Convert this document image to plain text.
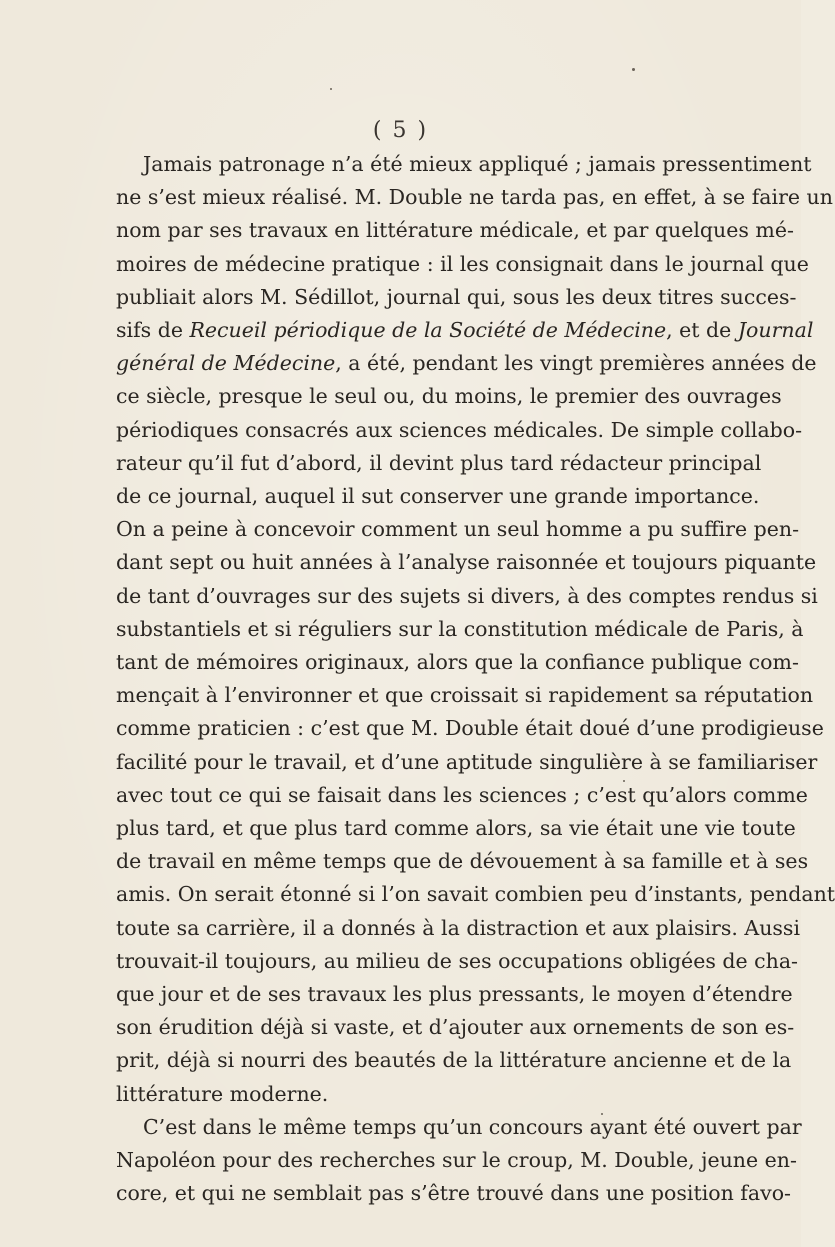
( 5 )
Jamais patronage n’a été mieux appliqué ; jamais pressentiment
ne s’est mieux réalisé. M. Double ne tarda pas, en effet, à se faire un
nom par ses travaux en littérature médicale, et par quelques mé-
moires de médecine pratique : il les consignait dans le journal que
publiait alors M. Sédillot, journal qui, sous les deux titres succes-
sifs de Recueil périodique de la Société de Médecine, et de Journal
général de Médecine, a été, pendant les vingt premières années de
ce siècle, presque le seul ou, du moins, le premier des ouvrages
périodiques consacrés aux sciences médicales. De simple collabo-
rateur qu’il fut d’abord, il devint plus tard rédacteur principal
de ce journal, auquel il sut conserver une grande importance.
On a peine à concevoir comment un seul homme a pu suffire pen-
dant sept ou huit années à l’analyse raisonnée et toujours piquante
de tant d’ouvrages sur des sujets si divers, à des comptes rendus si
substantiels et si réguliers sur la constitution médicale de Paris, à
tant de mémoires originaux, alors que la confiance publique com-
mençait à l’environner et que croissait si rapidement sa réputation
comme praticien : c’est que M. Double était doué d’une prodigieuse
facilité pour le travail, et d’une aptitude singulière à se familiariser
avec tout ce qui se faisait dans les sciences ; c’est qu’alors comme
plus tard, et que plus tard comme alors, sa vie était une vie toute
de travail en même temps que de dévouement à sa famille et à ses
amis. On serait étonné si l’on savait combien peu d’instants, pendant
toute sa carrière, il a donnés à la distraction et aux plaisirs. Aussi
trouvait-il toujours, au milieu de ses occupations obligées de cha-
que jour et de ses travaux les plus pressants, le moyen d’étendre
son érudition déjà si vaste, et d’ajouter aux ornements de son es-
prit, déjà si nourri des beautés de la littérature ancienne et de la
littérature moderne.
C’est dans le même temps qu’un concours ayant été ouvert par
Napoléon pour des recherches sur le croup, M. Double, jeune en-
core, et qui ne semblait pas s’être trouvé dans une position favo-
